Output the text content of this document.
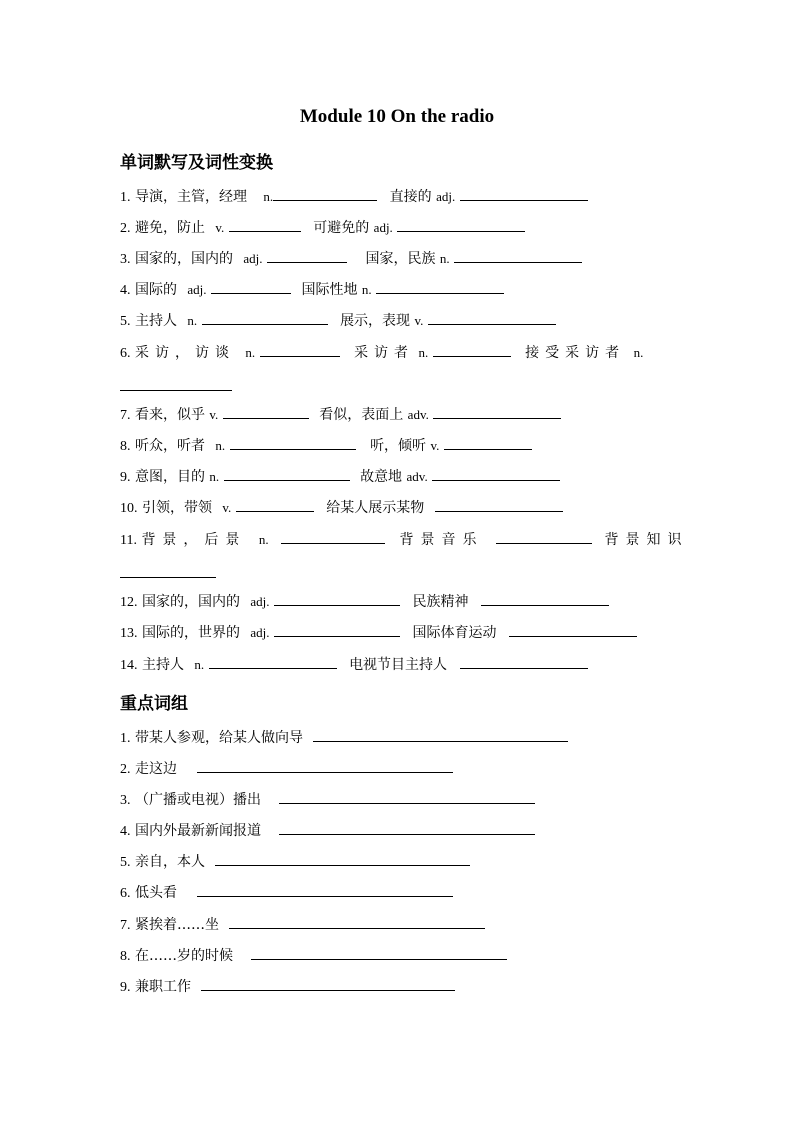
Module 10 On the radio
单词默写及词性变换
1. 导演，主管，经理 n.	直接的 adj.
2. 避免，防止 v.	可避免的 adj.
3. 国家的，国内的 adj.	国家，民族 n.
4. 国际的 adj.	国际性地 n.
5. 主持人 n.	展示，表现 v.
6. 采访，访谈 n.	采访者 n.	接受采访者 n.
7. 看来，似乎 v.	看似，表面上 adv.
8. 听众，听者 n.	听，倾听 v.
9. 意图，目的 n.	故意地 adv.
10. 引领，带领 v.	给某人展示某物
11. 背景，后景 n.	背景音乐	背景知识
12. 国家的，国内的 adj.	民族精神
13. 国际的，世界的 adj.	国际体育运动
14. 主持人 n.	电视节目主持人
重点词组
1. 带某人参观，给某人做向导
2. 走这边
3. （广播或电视）播出
4. 国内外最新新闻报道
5. 亲自，本人
6. 低头看
7. 紧挨着……坐
8. 在……岁的时候
9. 兼职工作
